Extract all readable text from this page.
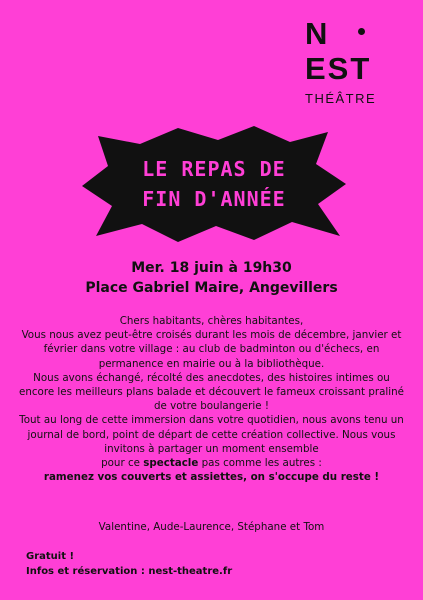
N
EST
THÉÂTRE
LE REPAS DE
FIN D'ANNÉE
Mer. 18 juin à 19h30
Place Gabriel Maire, Angevillers

Chers habitants, chères habitantes,

Vous nous avez peut-être croisés durant les mois de décembre, janvier et février dans votre village : au club de badminton ou d'échecs, en permanence en mairie ou à la bibliothèque.

Nous avons échangé, récolté des anecdotes, des histoires intimes ou encore les meilleurs plans balade et découvert le fameux croissant praliné de votre boulangerie !

Tout au long de cette immersion dans votre quotidien, nous avons tenu un journal de bord, point de départ de cette création collective. Nous vous invitons à partager un moment ensemble

pour ce spectacle pas comme les autres :

ramenez vos couverts et assiettes, on s'occupe du reste !

Valentine, Aude-Laurence, Stéphane et Tom
Gratuit !
Infos et réservation : nest-theatre.fr
